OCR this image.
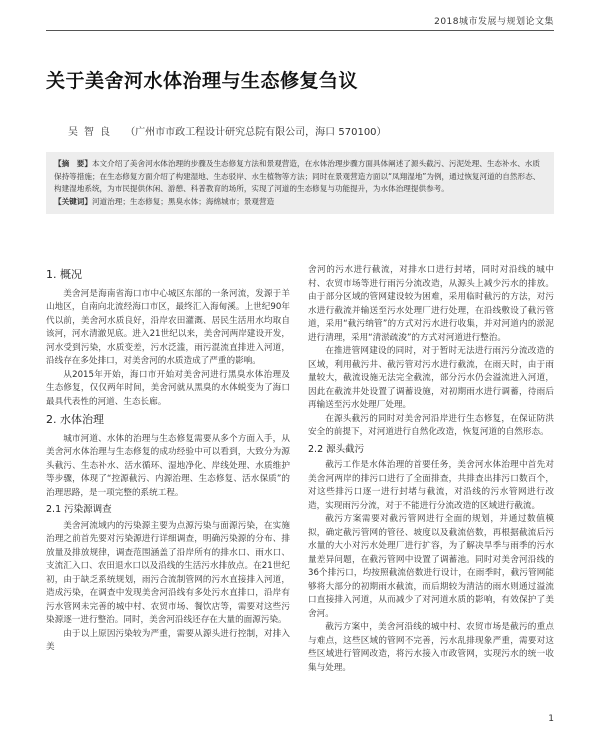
2018城市发展与规划论文集
关于美舍河水体治理与生态修复刍议
吴智良 （广州市市政工程设计研究总院有限公司，海口 570100）

【摘　要】本文介绍了美舍河水体治理的步骤及生态修复方法和景观营造，在水体治理步骤方面具体阐述了源头截污、污泥处理、生态补水、水质保持等措施；在生态修复方面介绍了构建湿地、生态驳岸、水生植物等方法；同时在景观营造方面以“凤翔湿地”为例，通过恢复河道的自然形态、构建湿地系统，为市民提供休闲、游憩、科普教育的场所，实现了河道的生态修复与功能提升，为水体治理提供参考。

【关键词】河道治理；生态修复；黑臭水体；海绵城市；景观营造

1. 概况

美舍河是海南省海口市中心城区东部的一条河流，发源于羊山地区，自南向北流经海口市区，最终汇入海甸溪。上世纪90年代以前，美舍河水质良好，沿岸农田灌溉、居民生活用水均取自该河，河水清澈见底。进入21世纪以来，美舍河两岸建设开发，河水受到污染，水质变差，污水泛滥，雨污混流直排进入河道，沿线存在多处排口，对美舍河的水质造成了严重的影响。

从2015年开始，海口市开始对美舍河进行黑臭水体治理及生态修复，仅仅两年时间，美舍河就从黑臭的水体蜕变为了海口最具代表性的河道、生态长廊。

2. 水体治理

城市河道、水体的治理与生态修复需要从多个方面入手，从美舍河水体治理与生态修复的成功经验中可以看到，大致分为源头截污、生态补水、活水循环、湿地净化、岸线处理、水质维护等步骤，体现了“控源截污、内源治理、生态修复、活水保质”的治理思路，是一项完整的系统工程。

2.1 污染源调查

美舍河流域内的污染源主要为点源污染与面源污染，在实施治理之前首先要对污染源进行详细调查，明确污染源的分布、排放量及排放规律，调查范围涵盖了沿岸所有的排水口、雨水口、支流汇入口、农田退水口以及沿线的生活污水排放点。在21世纪初，由于缺乏系统规划，雨污合流制管网的污水直接排入河道，造成污染，在调查中发现美舍河沿线有多处污水直排口，沿岸有污水管网未完善的城中村、农贸市场、餐饮店等，需要对这些污染源逐一进行整治。同时，美舍河沿线还存在大量的面源污染。

由于以上原因污染较为严重，需要从源头进行控制，对排入美

舍河的污水进行截流，对排水口进行封堵，同时对沿线的城中村、农贸市场等进行雨污分流改造，从源头上减少污水的排放。由于部分区域的管网建设较为困难，采用临时截污的方法，对污水进行截流并输送至污水处理厂进行处理，在沿线敷设了截污管道，采用“截污纳管”的方式对污水进行收集，并对河道内的淤泥进行清理，采用“清淤疏浚”的方式对河道进行整治。

在推进管网建设的同时，对于暂时无法进行雨污分流改造的区域，利用截污井、截污管对污水进行截流，在雨天时，由于雨量较大，截流设施无法完全截流，部分污水仍会溢流进入河道，因此在截流井处设置了调蓄设施，对初期雨水进行调蓄，待雨后再输送至污水处理厂处理。

在源头截污的同时对美舍河沿岸进行生态修复，在保证防洪安全的前提下，对河道进行自然化改造，恢复河道的自然形态。

2.2 源头截污

截污工作是水体治理的首要任务，美舍河水体治理中首先对美舍河两岸的排污口进行了全面排查，共排查出排污口数百个，对这些排污口逐一进行封堵与截流，对沿线的污水管网进行改造，实现雨污分流，对于不能进行分流改造的区域进行截流。

截污方案需要对截污管网进行全面的规划，并通过数值模拟，确定截污管网的管径、坡度以及截流倍数，再根据截流后污水量的大小对污水处理厂进行扩容，为了解决旱季与雨季的污水量差异问题，在截污管网中设置了调蓄池。同时对美舍河沿线的36个排污口，均按照截流倍数进行设计，在雨季时，截污管网能够将大部分的初期雨水截流，而后期较为清洁的雨水则通过溢流口直接排入河道，从而减少了对河道水质的影响，有效保护了美舍河。

截污方案中，美舍河沿线的城中村、农贸市场是截污的重点与难点，这些区域的管网不完善，污水乱排现象严重，需要对这些区域进行管网改造，将污水接入市政管网，实现污水的统一收集与处理。

1
